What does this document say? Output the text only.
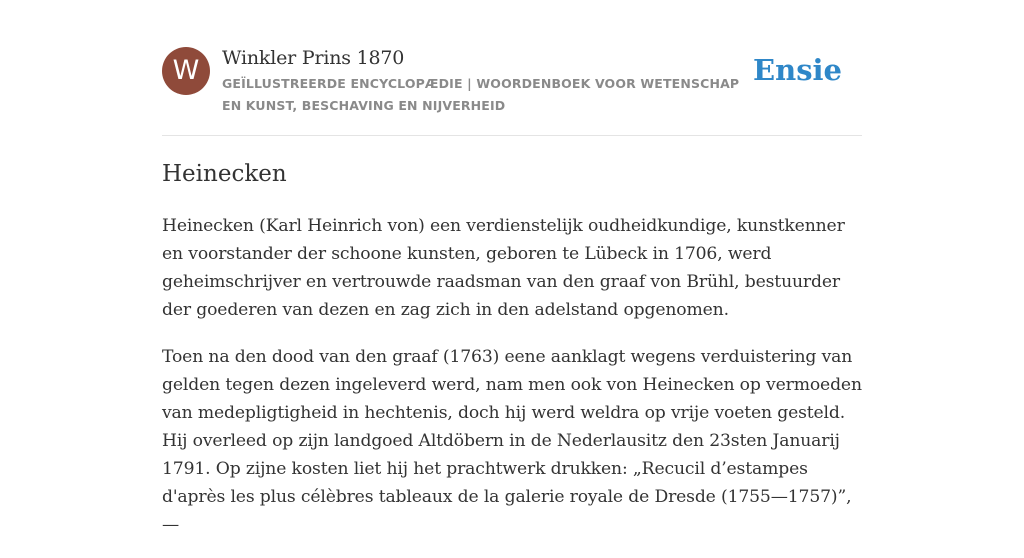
W	Winkler Prins 1870
GEÏLLUSTREERDE ENCYCLOPÆDIE | WOORDENBOEK VOOR WETENSCHAP EN KUNST, BESCHAVING EN NIJVERHEID
Ensie
Heinecken

Heinecken (Karl Heinrich von) een verdienstelijk oudheidkundige, kunstkenner en voorstander der schoone kunsten, geboren te Lübeck in 1706, werd geheimschrijver en vertrouwde raadsman van den graaf von Brühl, bestuurder der goederen van dezen en zag zich in den adelstand opgenomen.

Toen na den dood van den graaf (1763) eene aanklagt wegens verduistering van gelden tegen dezen ingeleverd werd, nam men ook von Heinecken op vermoeden van medepligtigheid in hechtenis, doch hij werd weldra op vrije voeten gesteld. Hij overleed op zijn landgoed Altdöbern in de Nederlausitz den 23sten Januarij 1791. Op zijne kosten liet hij het prachtwerk drukken: „Recucil d’estampes d'après les plus célèbres tableaux de la galerie royale de Dresde (1755—1757)”, —
